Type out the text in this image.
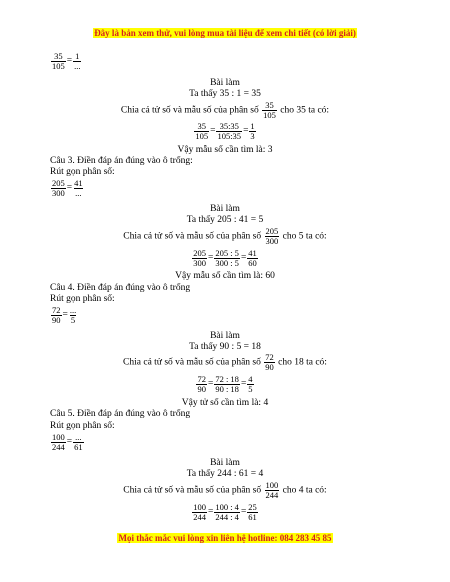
Đây là bản xem thử, vui lòng mua tài liệu để xem chi tiết (có lời giải)
$\frac{35}{105} = \frac{1}{...}$
Bài làm
Ta thấy 35 : 1 = 35
Chia cả tử số và mẫu số của phân số $\frac{35}{105}$ cho 35 ta có:
$\frac{35}{105} = \frac{35:35}{105:35} = \frac{1}{3}$
Vậy mẫu số cần tìm là: 3
Câu 3. Điền đáp án đúng vào ô trống:
Rút gọn phân số:
$\frac{205}{300} = \frac{41}{...}$
Bài làm
Ta thấy 205 : 41 = 5
Chia cả tử số và mẫu số của phân số $\frac{205}{300}$ cho 5 ta có:
$\frac{205}{300} = \frac{205 : 5}{300 : 5} = \frac{41}{60}$
Vậy mẫu số cần tìm là: 60
Câu 4. Điền đáp án đúng vào ô trống
Rút gọn phân số:
$\frac{72}{90} = \frac{...}{5}$
Bài làm
Ta thấy 90 : 5 = 18
Chia cả tử số và mẫu số của phân số $\frac{72}{90}$ cho 18 ta có:
$\frac{72}{90} = \frac{72 : 18}{90 : 18} = \frac{4}{5}$
Vậy tử số cần tìm là: 4
Câu 5. Điền đáp án đúng vào ô trống
Rút gọn phân số:
$\frac{100}{244} = \frac{...}{61}$
Bài làm
Ta thấy 244 : 61 = 4
Chia cả tử số và mẫu số của phân số $\frac{100}{244}$ cho 4 ta có:
$\frac{100}{244} = \frac{100 : 4}{244 : 4} = \frac{25}{61}$
Mọi thắc mắc vui lòng xin liên hệ hotline: 084 283 45 85
